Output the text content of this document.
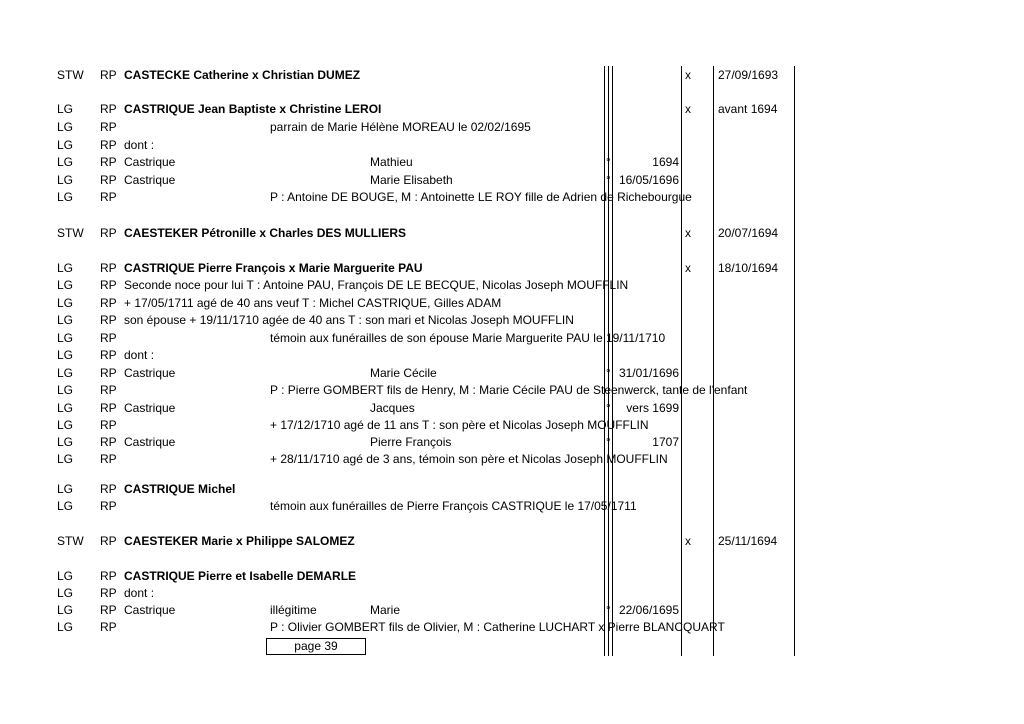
page 39
STW RP CASTECKE Catherine x Christian DUMEZ	x 27/09/1693
LG RP CASTRIQUE Jean Baptiste x Christine LEROI	x avant 1694
LG RP	parrain de Marie Hélène MOREAU le 02/02/1695
LG RP dont :
LG RP Castrique	Mathieu	°	1694
LG RP Castrique	Marie Elisabeth	° 16/05/1696
LG RP	P : Antoine DE BOUGE, M : Antoinette LE ROY fille de Adrien de Richebourgue
STW RP CAESTEKER Pétronille x Charles DES MULLIERS	x 20/07/1694
LG RP CASTRIQUE Pierre François x Marie Marguerite PAU	x 18/10/1694
LG RP Seconde noce pour lui T : Antoine PAU, François DE LE BECQUE, Nicolas Joseph MOUFFLIN
LG RP + 17/05/1711 agé de 40 ans veuf T : Michel CASTRIQUE, Gilles ADAM
LG RP son épouse + 19/11/1710 agée de 40 ans T : son mari et Nicolas Joseph MOUFFLIN
LG RP	témoin aux funérailles de son épouse Marie Marguerite PAU le 19/11/1710
LG RP dont :
LG RP Castrique	Marie Cécile	° 31/01/1696
LG RP	P : Pierre GOMBERT fils de Henry, M : Marie Cécile PAU de Steenwerck, tante de l'enfant
LG RP Castrique	Jacques	° vers 1699
LG RP	+ 17/12/1710 agé de 11 ans T : son père et Nicolas Joseph MOUFFLIN
LG RP Castrique	Pierre François	°	1707
LG RP	+ 28/11/1710 agé de 3 ans, témoin son père et Nicolas Joseph MOUFFLIN
LG RP CASTRIQUE Michel
LG RP	témoin aux funérailles de Pierre François CASTRIQUE le 17/05/1711
STW RP CAESTEKER Marie x Philippe SALOMEZ	x 25/11/1694
LG RP CASTRIQUE Pierre et Isabelle DEMARLE
LG RP dont :
LG RP Castrique	illégitime	Marie	° 22/06/1695
LG RP	P : Olivier GOMBERT fils de Olivier, M : Catherine LUCHART x Pierre BLANCQUART
